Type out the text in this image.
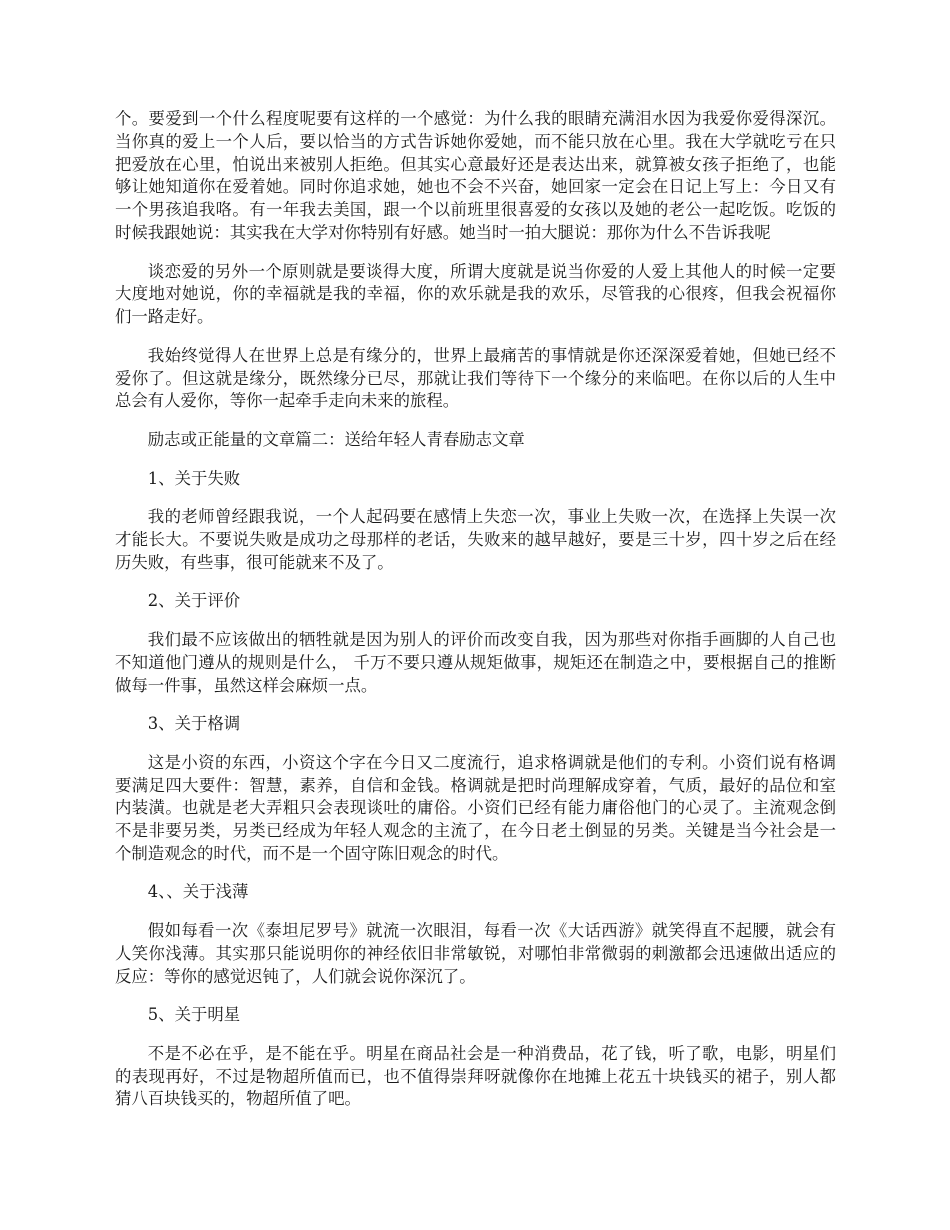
个。要爱到一个什么程度呢要有这样的一个感觉：为什么我的眼睛充满泪水因为我爱你爱得深沉。当你真的爱上一个人后，要以恰当的方式告诉她你爱她，而不能只放在心里。我在大学就吃亏在只把爱放在心里，怕说出来被别人拒绝。但其实心意最好还是表达出来，就算被女孩子拒绝了，也能够让她知道你在爱着她。同时你追求她，她也不会不兴奋，她回家一定会在日记上写上：今日又有一个男孩追我咯。有一年我去美国，跟一个以前班里很喜爱的女孩以及她的老公一起吃饭。吃饭的时候我跟她说：其实我在大学对你特别有好感。她当时一拍大腿说：那你为什么不告诉我呢

谈恋爱的另外一个原则就是要谈得大度，所谓大度就是说当你爱的人爱上其他人的时候一定要大度地对她说，你的幸福就是我的幸福，你的欢乐就是我的欢乐，尽管我的心很疼，但我会祝福你们一路走好。

我始终觉得人在世界上总是有缘分的，世界上最痛苦的事情就是你还深深爱着她，但她已经不爱你了。但这就是缘分，既然缘分已尽，那就让我们等待下一个缘分的来临吧。在你以后的人生中总会有人爱你，等你一起牵手走向未来的旅程。

励志或正能量的文章篇二：送给年轻人青春励志文章

1、关于失败

我的老师曾经跟我说，一个人起码要在感情上失恋一次，事业上失败一次，在选择上失误一次才能长大。不要说失败是成功之母那样的老话，失败来的越早越好，要是三十岁，四十岁之后在经历失败，有些事，很可能就来不及了。

2、关于评价

我们最不应该做出的牺牲就是因为别人的评价而改变自我，因为那些对你指手画脚的人自己也不知道他门遵从的规则是什么， 千万不要只遵从规矩做事，规矩还在制造之中，要根据自己的推断做每一件事，虽然这样会麻烦一点。

3、关于格调

这是小资的东西，小资这个字在今日又二度流行，追求格调就是他们的专利。小资们说有格调要满足四大要件：智慧，素养，自信和金钱。格调就是把时尚理解成穿着，气质，最好的品位和室内装潢。也就是老大弄粗只会表现谈吐的庸俗。小资们已经有能力庸俗他门的心灵了。主流观念倒不是非要另类，另类已经成为年轻人观念的主流了，在今日老土倒显的另类。关键是当今社会是一个制造观念的时代，而不是一个固守陈旧观念的时代。

4、、关于浅薄

假如每看一次《泰坦尼罗号》就流一次眼泪，每看一次《大话西游》就笑得直不起腰，就会有人笑你浅薄。其实那只能说明你的神经依旧非常敏锐，对哪怕非常微弱的刺激都会迅速做出适应的反应：等你的感觉迟钝了，人们就会说你深沉了。

5、关于明星

不是不必在乎，是不能在乎。明星在商品社会是一种消费品，花了钱，听了歌，电影，明星们的表现再好，不过是物超所值而已，也不值得崇拜呀就像你在地摊上花五十块钱买的裙子，别人都猜八百块钱买的，物超所值了吧。
